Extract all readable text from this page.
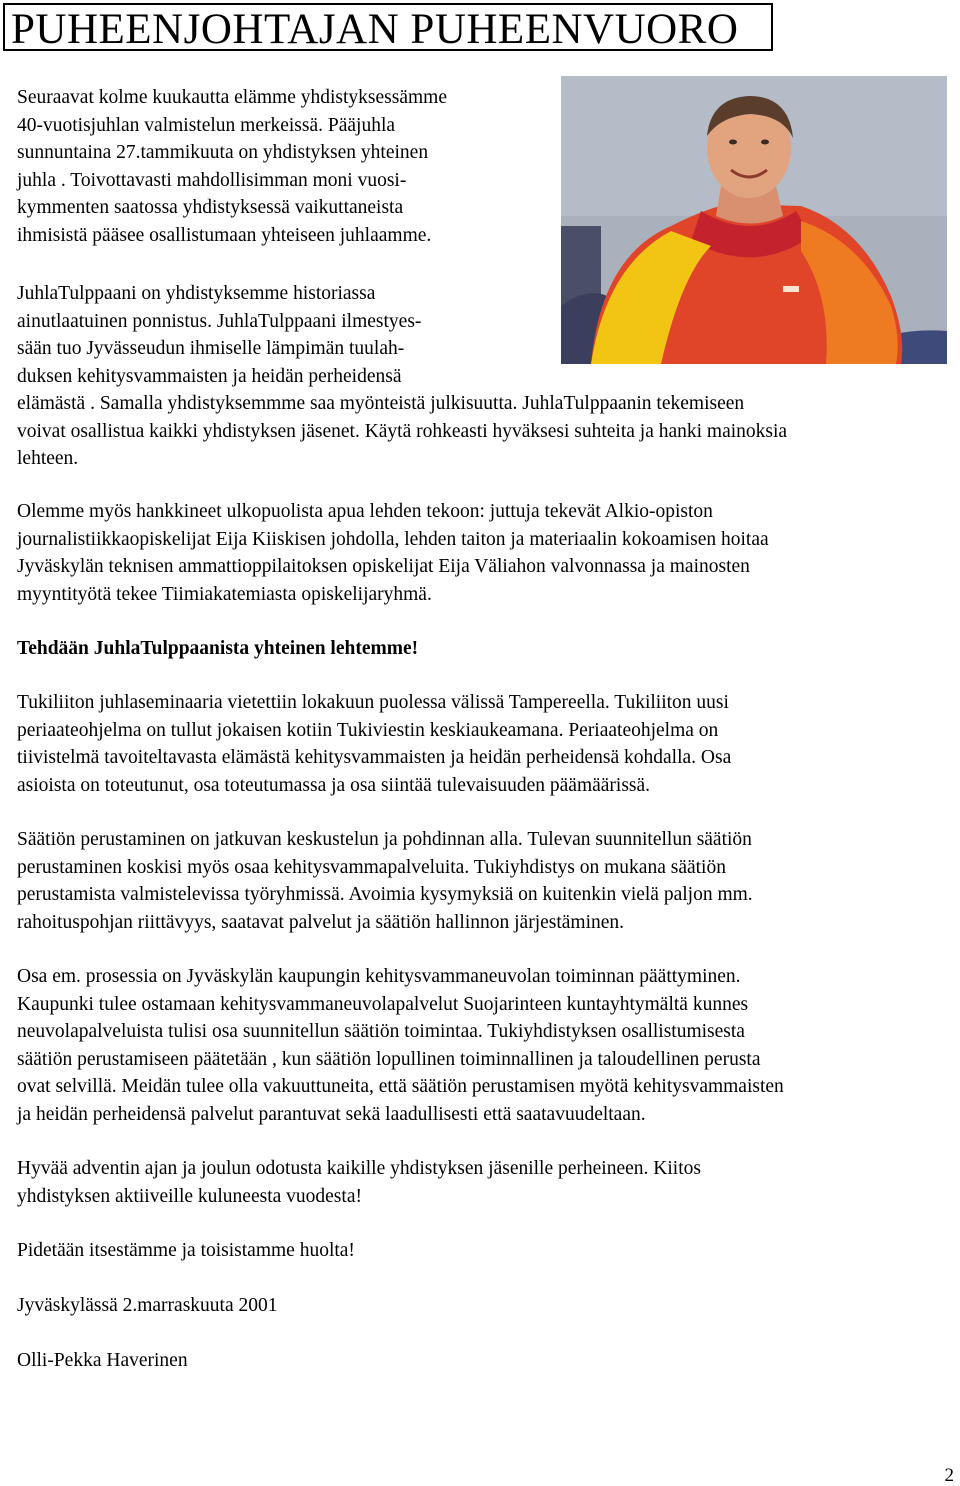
PUHEENJOHTAJAN PUHEENVUORO
Seuraavat kolme kuukautta elämme yhdistyksessämme
40-vuotisjuhlan valmistelun merkeissä. Pääjuhla
sunnuntaina 27.tammikuuta on yhdistyksen yhteinen
juhla . Toivottavasti mahdollisimman moni vuosi-
kymmenten saatossa yhdistyksessä vaikuttaneista
ihmisistä pääsee osallistumaan yhteiseen juhlaamme.
JuhlaTulppaani on yhdistyksemme historiassa
ainutlaatuinen ponnistus. JuhlaTulppaani ilmestyes-
sään tuo Jyvässeudun ihmiselle lämpimän tuulah-
duksen kehitysvammaisten ja heidän perheidensä
elämästä . Samalla yhdistyksemmme saa myönteistä julkisuutta. JuhlaTulppaanin tekemiseen
voivat osallistua kaikki yhdistyksen jäsenet. Käytä rohkeasti hyväksesi suhteita ja hanki mainoksia
lehteen.
Olemme myös hankkineet ulkopuolista apua lehden tekoon: juttuja tekevät Alkio-opiston
journalistiikkaopiskelijat Eija Kiiskisen johdolla, lehden taiton ja materiaalin kokoamisen hoitaa
Jyväskylän teknisen ammattioppilaitoksen opiskelijat Eija Väliahon valvonnassa ja mainosten
myyntityötä tekee Tiimiakatemiasta opiskelijaryhmä.
Tehdään JuhlaTulppaanista yhteinen lehtemme!
Tukiliiton juhlaseminaaria vietettiin lokakuun puolessa välissä Tampereella. Tukiliiton uusi
periaateohjelma on tullut jokaisen kotiin Tukiviestin keskiaukeamana. Periaateohjelma on
tiivistelmä tavoiteltavasta elämästä kehitysvammaisten ja heidän perheidensä kohdalla. Osa
asioista on toteutunut, osa toteutumassa ja osa siintää tulevaisuuden päämäärissä.
Säätiön perustaminen on jatkuvan keskustelun ja pohdinnan alla. Tulevan suunnitellun säätiön
perustaminen koskisi myös osaa kehitysvammapalveluita. Tukiyhdistys on mukana säätiön
perustamista valmistelevissa työryhmissä. Avoimia kysymyksiä on kuitenkin vielä paljon mm.
rahoituspohjan riittävyys, saatavat palvelut ja säätiön hallinnon järjestäminen.
Osa em. prosessia on Jyväskylän kaupungin kehitysvammaneuvolan toiminnan päättyminen.
Kaupunki tulee ostamaan kehitysvammaneuvolapalvelut Suojarinteen kuntayhtymältä kunnes
neuvolapalveluista tulisi osa suunnitellun säätiön toimintaa. Tukiyhdistyksen osallistumisesta
säätiön perustamiseen päätetään , kun säätiön lopullinen toiminnallinen ja taloudellinen perusta
ovat selvillä. Meidän tulee olla vakuuttuneita, että säätiön perustamisen myötä kehitysvammaisten
ja heidän perheidensä palvelut parantuvat sekä laadullisesti että saatavuudeltaan.
Hyvää adventin ajan ja joulun odotusta kaikille yhdistyksen jäsenille perheineen. Kiitos
yhdistyksen aktiiveille kuluneesta vuodesta!
Pidetään itsestämme ja toisistamme huolta!
Jyväskylässä 2.marraskuuta 2001
Olli-Pekka Haverinen
2
